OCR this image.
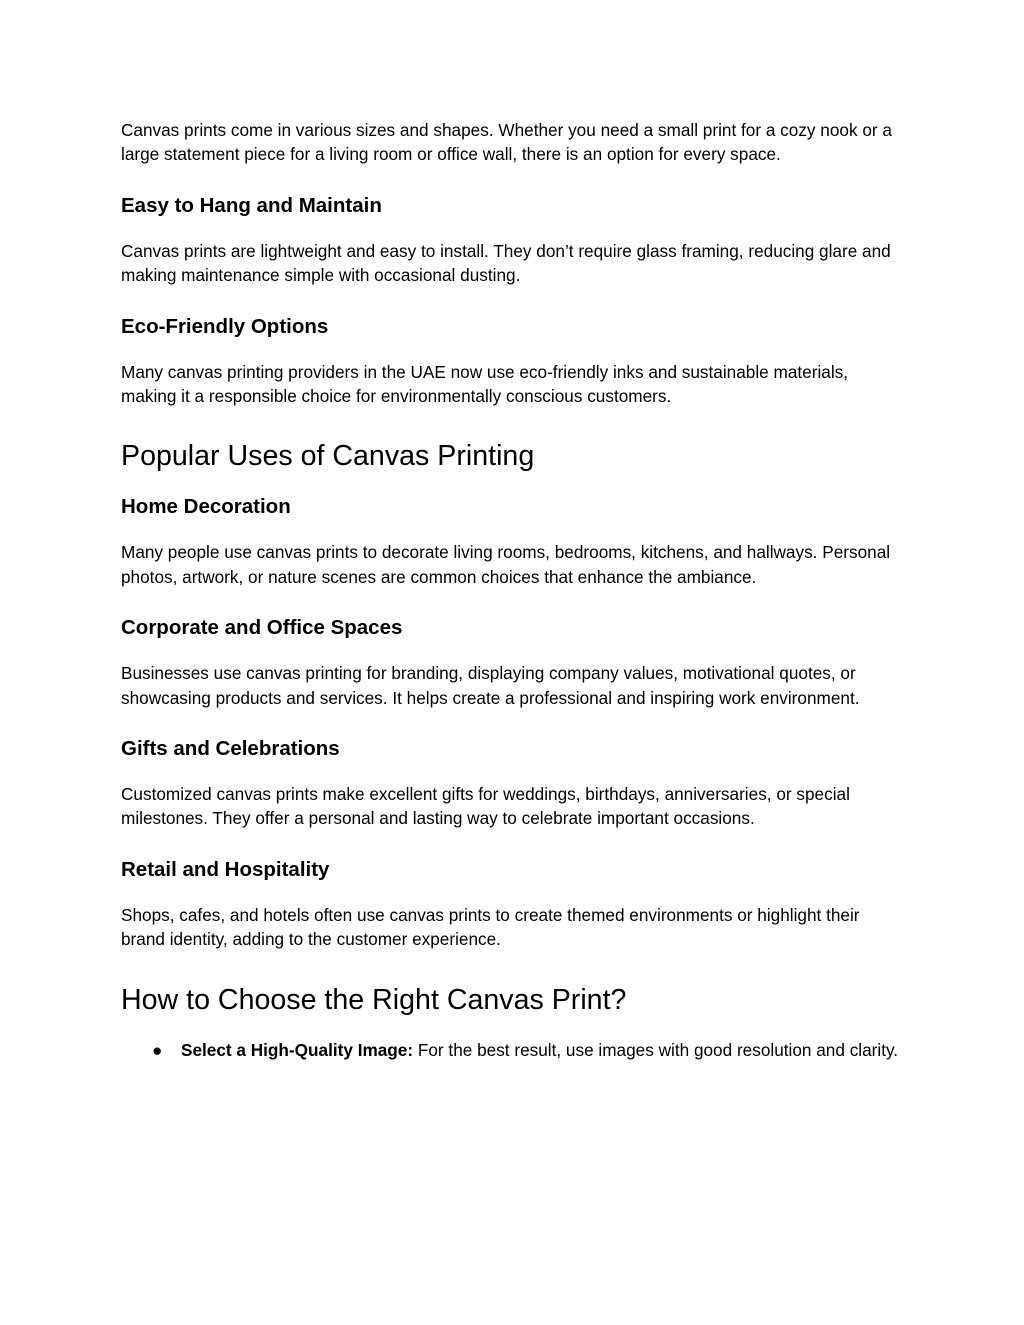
Canvas prints come in various sizes and shapes. Whether you need a small print for a cozy nook or a large statement piece for a living room or office wall, there is an option for every space.

Easy to Hang and Maintain

Canvas prints are lightweight and easy to install. They don’t require glass framing, reducing glare and making maintenance simple with occasional dusting.

Eco-Friendly Options

Many canvas printing providers in the UAE now use eco-friendly inks and sustainable materials, making it a responsible choice for environmentally conscious customers.

Popular Uses of Canvas Printing
Home Decoration

Many people use canvas prints to decorate living rooms, bedrooms, kitchens, and hallways. Personal photos, artwork, or nature scenes are common choices that enhance the ambiance.

Corporate and Office Spaces

Businesses use canvas printing for branding, displaying company values, motivational quotes, or showcasing products and services. It helps create a professional and inspiring work environment.

Gifts and Celebrations

Customized canvas prints make excellent gifts for weddings, birthdays, anniversaries, or special milestones. They offer a personal and lasting way to celebrate important occasions.

Retail and Hospitality

Shops, cafes, and hotels often use canvas prints to create themed environments or highlight their brand identity, adding to the customer experience.

How to Choose the Right Canvas Print?
● Select a High-Quality Image: For the best result, use images with good resolution and clarity.
